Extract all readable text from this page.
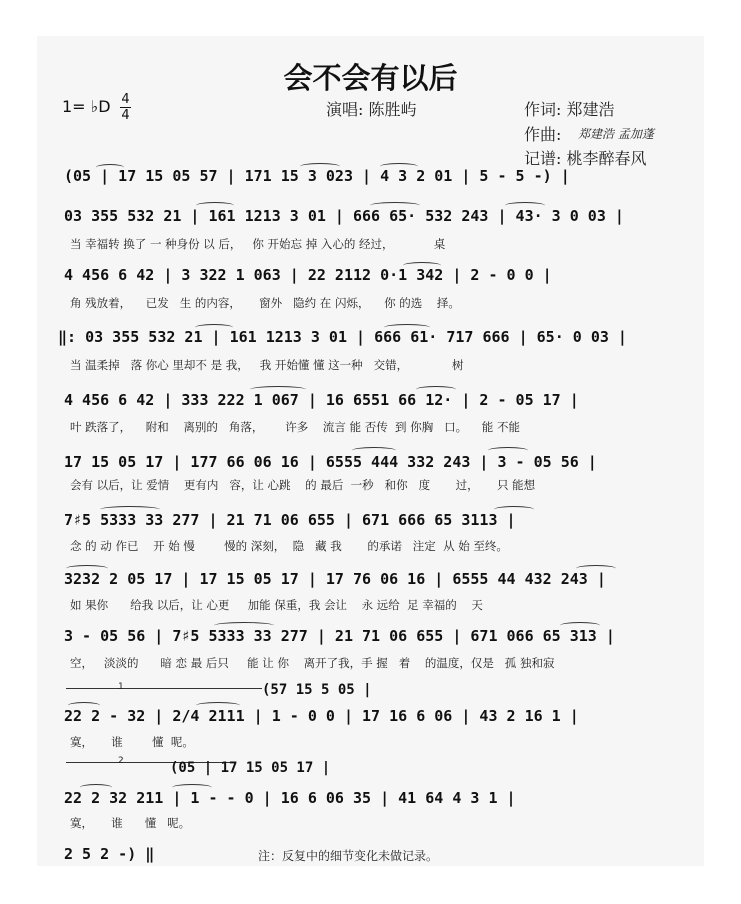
会不会有以后
1= ♭D 4
4	演唱: 陈胜屿	作词: 郑建浩
作曲: 郑建浩 孟加蓬
记谱: 桃李醉春风
(05 | 17 15 05 57 | 171 15 3 023 | 4 3 2 01 | 5 - 5 -) |
03 355 532 21 | 161 1213 3 01 | 666 65· 532 243 | 43· 3 0 03 |
当 幸福转 换了 一 种身份 以 后，   你 开始忘 掉 入心的 经过，           桌
4 456 6 42 | 3 322 1 063 | 22 2112 0·1 342 | 2 - 0 0 |
角 残放着，    已发   生 的内容，     窗外   隐约 在 闪烁，    你 的选    择。
‖: 03 355 532 21 | 161 1213 3 01 | 666 61· 717 666 | 65· 0 03 |
当 温柔掉   落 你心 里却不 是 我，   我 开始懂 懂 这一种   交错，            树
4 456 6 42 | 333 222 1 067 | 16 6551 66 12· | 2 - 05 17 |
叶 跌落了，    附和    离别的   角落，      许多    流言 能 否传  到 你胸   口。    能 不能
17 15 05 17 | 177 66 06 16 | 6555 444 332 243 | 3 - 05 56 |
会有 以后，让 爱情    更有内   容，让 心跳    的 最后  一秒   和你   度       过，     只 能想
7♯5 5333 33 277 | 21 71 06 655 | 671 666 65 3113 |
念 的 动 作已    开 始 慢        慢的 深刻，  隐   藏 我       的承诺   注定  从 始 至终。
3232 2 05 17 | 17 15 05 17 | 17 76 06 16 | 6555 44 432 243 |
如 果你      给我 以后，让 心更     加能 保重，我 会让    永 远给  足 幸福的    天
3 - 05 56 | 7♯5 5333 33 277 | 21 71 06 655 | 671 066 65 313 |
空，   淡淡的      暗 恋 最 后只     能 让 你    离开了我，手 握   着    的温度，仅是   孤 独和寂
1	(57 15 5 05 |
22 2 - 32 | 2/4 2111 | 1 - 0 0 | 17 16 6 06 | 43 2 16 1 |
寞，     谁        懂  呢。
2	(05 | 17 15 05 17 |
22 2 32 211 | 1 - - 0 | 16 6 06 35 | 41 64 4 3 1 |
寞，     谁      懂   呢。
2 5 2 -) ‖	注：反复中的细节变化未做记录。
